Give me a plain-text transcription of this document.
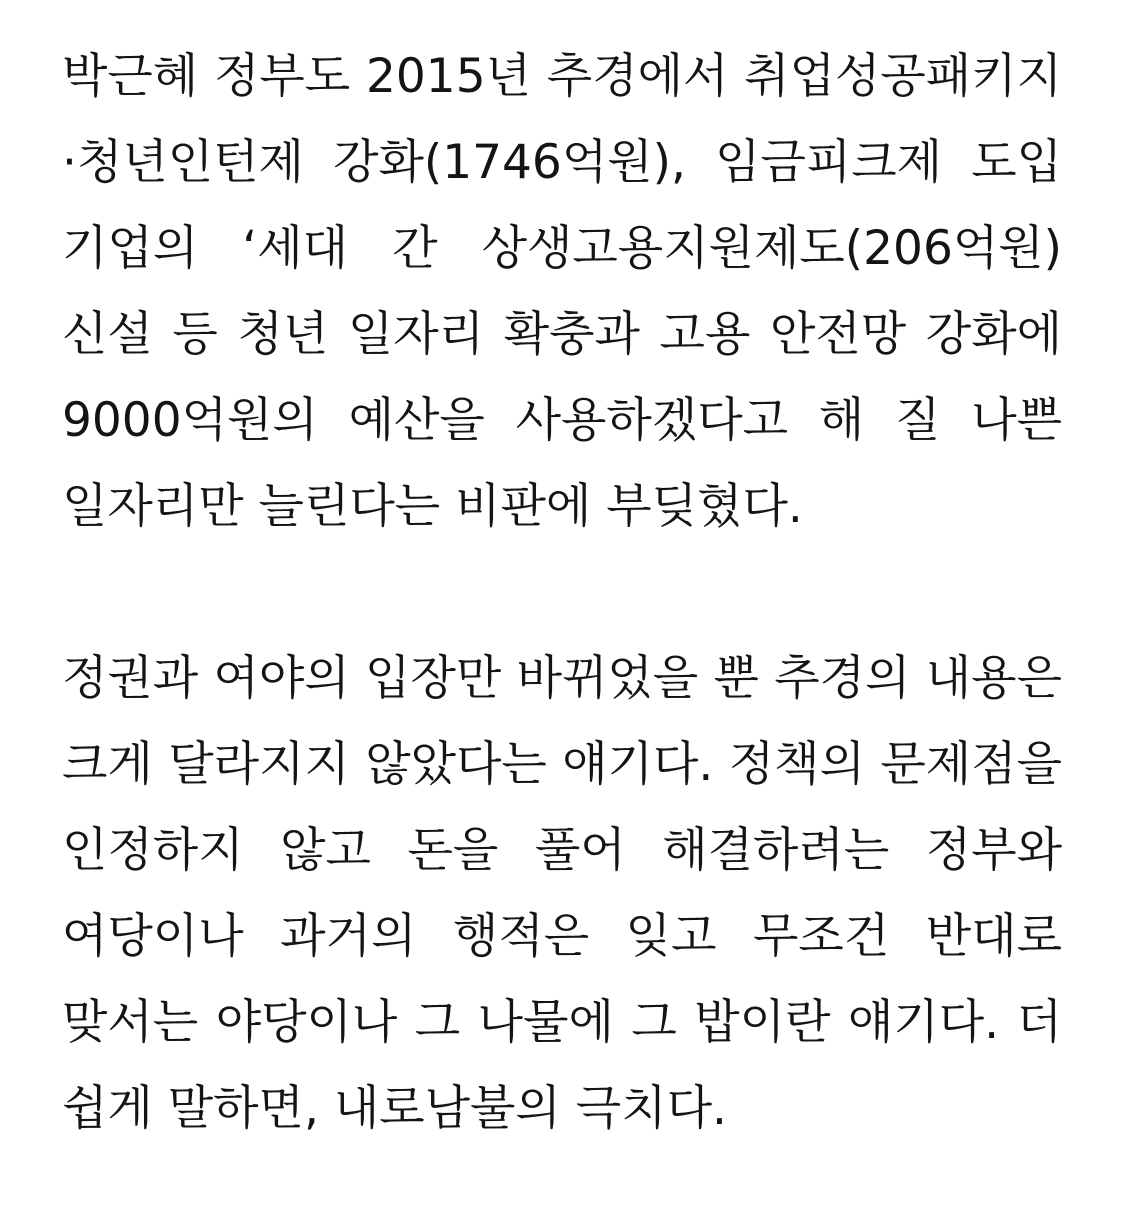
박근혜 정부도 2015년 추경에서 취업성공패키지·청년인턴제 강화(1746억원), 임금피크제 도입 기업의 ‘세대 간 상생고용지원제도(206억원) 신설 등 청년 일자리 확충과 고용 안전망 강화에 9000억원의 예산을 사용하겠다고 해 질 나쁜 일자리만 늘린다는 비판에 부딪혔다.

정권과 여야의 입장만 바뀌었을 뿐 추경의 내용은 크게 달라지지 않았다는 얘기다. 정책의 문제점을 인정하지 않고 돈을 풀어 해결하려는 정부와 여당이나 과거의 행적은 잊고 무조건 반대로 맞서는 야당이나 그 나물에 그 밥이란 얘기다. 더 쉽게 말하면, 내로남불의 극치다.
